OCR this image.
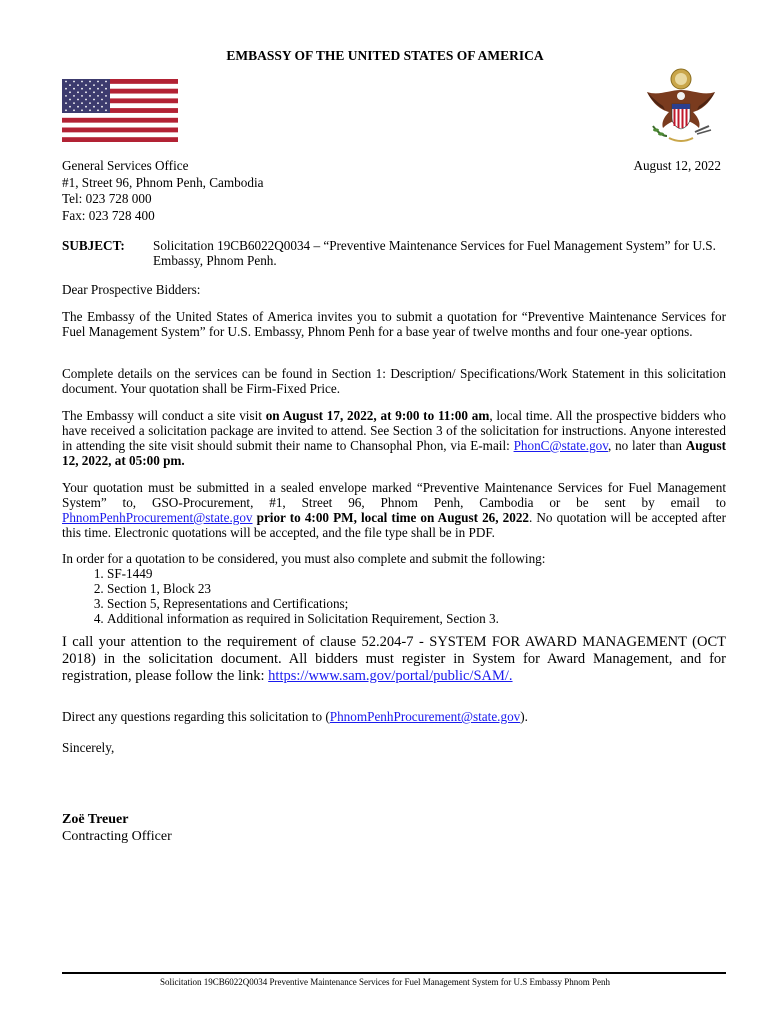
EMBASSY OF THE UNITED STATES OF AMERICA
General Services Office
#1, Street 96, Phnom Penh, Cambodia
Tel: 023 728 000
Fax: 023 728 400
August 12, 2022
SUBJECT: Solicitation 19CB6022Q0034 – “Preventive Maintenance Services for Fuel Management System” for U.S. Embassy, Phnom Penh.
Dear Prospective Bidders:
The Embassy of the United States of America invites you to submit a quotation for “Preventive Maintenance Services for Fuel Management System” for U.S. Embassy, Phnom Penh for a base year of twelve months and four one-year options.
Complete details on the services can be found in Section 1: Description/ Specifications/Work Statement in this solicitation document. Your quotation shall be Firm-Fixed Price.
The Embassy will conduct a site visit on August 17, 2022, at 9:00 to 11:00 am, local time. All the prospective bidders who have received a solicitation package are invited to attend. See Section 3 of the solicitation for instructions. Anyone interested in attending the site visit should submit their name to Chansophal Phon, via E-mail: PhonC@state.gov, no later than August 12, 2022, at 05:00 pm.
Your quotation must be submitted in a sealed envelope marked “Preventive Maintenance Services for Fuel Management System” to, GSO-Procurement, #1, Street 96, Phnom Penh, Cambodia or be sent by email to PhnomPenhProcurement@state.gov prior to 4:00 PM, local time on August 26, 2022. No quotation will be accepted after this time. Electronic quotations will be accepted, and the file type shall be in PDF.
In order for a quotation to be considered, you must also complete and submit the following:
1. SF-1449
2. Section 1, Block 23
3. Section 5, Representations and Certifications;
4. Additional information as required in Solicitation Requirement, Section 3.
I call your attention to the requirement of clause 52.204-7 - SYSTEM FOR AWARD MANAGEMENT (OCT 2018) in the solicitation document. All bidders must register in System for Award Management, and for registration, please follow the link: https://www.sam.gov/portal/public/SAM/.
Direct any questions regarding this solicitation to (PhnomPenhProcurement@state.gov).
Sincerely,
Zoë Treuer
Contracting Officer
Solicitation 19CB6022Q0034 Preventive Maintenance Services for Fuel Management System for U.S Embassy Phnom Penh
